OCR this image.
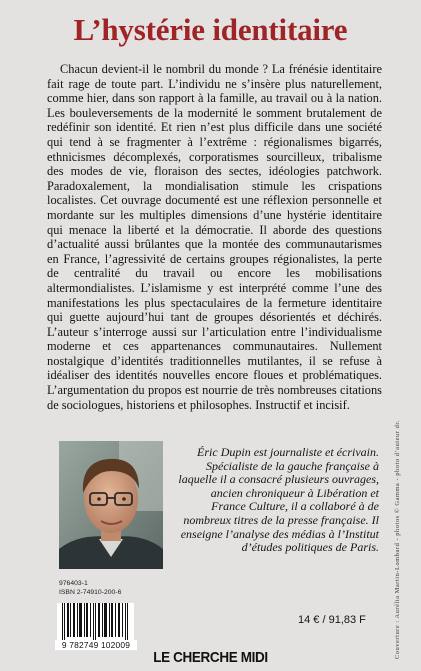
L’hystérie identitaire

Chacun devient-il le nombril du monde ? La frénésie identitaire fait rage de toute part. L’individu ne s’insère plus naturellement, comme hier, dans son rapport à la famille, au travail ou à la nation. Les bouleversements de la modernité le somment brutalement de redéfinir son identité. Et rien n’est plus difficile dans une société qui tend à se fragmenter à l’extrême : régionalismes bigarrés, ethnicismes décomplexés, corporatismes sourcilleux, tribalisme des modes de vie, floraison des sectes, idéologies patchwork. Paradoxalement, la mondialisation stimule les crispations localistes. Cet ouvrage documenté est une réflexion personnelle et mordante sur les multiples dimensions d’une hystérie identitaire qui menace la liberté et la démocratie. Il aborde des questions d’actualité aussi brûlantes que la montée des communautarismes en France, l’agressivité de certains groupes régionalistes, la perte de centralité du travail ou encore les mobilisations altermondialistes. L’islamisme y est interprété comme l’une des manifestations les plus spectaculaires de la fermeture identitaire qui guette aujourd’hui tant de groupes désorientés et déchirés. L’auteur s’interroge aussi sur l’articulation entre l’individualisme moderne et ces appartenances communautaires. Nullement nostalgique d’identités traditionnelles mutilantes, il se refuse à idéaliser des identités nouvelles encore floues et problématiques. L’argumentation du propos est nourrie de très nombreuses citations de sociologues, historiens et philosophes. Instructif et incisif.

Éric Dupin est journaliste et écrivain. Spécialiste de la gauche française à laquelle il a consacré plusieurs ouvrages, ancien chroniqueur à Libération et France Culture, il a collaboré à de nombreux titres de la presse française. Il enseigne l’analyse des médias à l’Institut d’études politiques de Paris. Couverture : Aurélia Martin-Lombard - photos © Gamma - photo d’auteur dr.
976403-1
ISBN 2-74910-200-6
9 782749 102009
14 € / 91,83 F
LE CHERCHE MIDI
